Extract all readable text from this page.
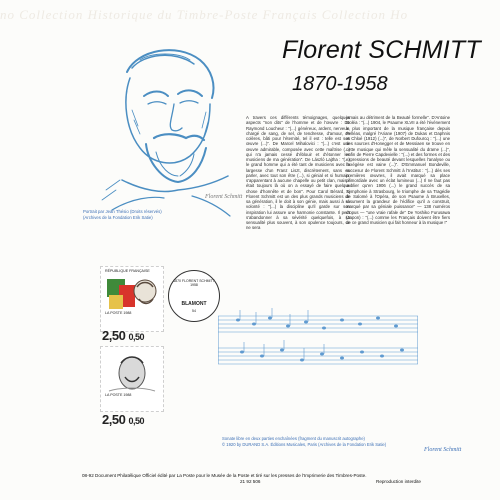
no Collection Historique du Timbre-Poste Français Collection Ho
Florent Schmitt
Portrait par Jean Thésio (Droits réservés)
(Archives de la Fondation Erik Satie)
Florent SCHMITT
1870-1958

A travers ces différents témoignages, quelques aspects "non dits" de l'homme et de l'œuvre : De Raymond Loucheur : "(...) généreux, ardent, nerveux, chargé de sang, de sel, de tendresse, d'amour, de colères, bâti pour l'éternité, tel il est : telle est son œuvre (...)". De Marcel Mihalovici : "(...) c'est une œuvre admirable, composée avec cette maîtrise (...) qui n'a jamais cessé d'éblouir et d'étonner les musiciens de ma génération". De László Lajtha : "(...) le grand homme qui a été tant de musiciens avec la largesse d'un Franz Liszt, discrètement, sans en parler, avec tout son être (...), si génial et si humain, s'apparentant à aucune chapelle ou petit clan, mais il était toujours là où on a essayé de faire quelque chose d'honnête et de bon". Pour Carol Bérard, si Florent Schmitt est un des plus grands musiciens de sa génération, il le doit à son génie, mais aussi à sa volonté : "(...) la discipline qu'il garde sur son inspiration lui assure une harmonie constante. Il peut s'abandonner à sa sévérité quelquefois, à sa sensualité plus souvent, à son opulence toujours, ce ne sera

jamais au détriment de la Beauté formelle". D'Antoine Goléa : "(...) 1904, le Psaume XLVII a été l'événement le plus important de la musique française depuis Pelléas, malgré l'Ariane (1907) de Dukas et Daphnis et Chloé (1912) (...)", de Norbert Dufourcq : "(...) une des sources d'Honegger et de Messiaen se trouve en cette musique qui mêle la sensualité du drame (...)", enfin de Pierre Capdevielle : "(...) et des formes et des expressions de beauté devant lesquelles l'analyse ou l'exégèse est vaine (...)". D'Emmanuel Bondeville, succesur de Florent Schmitt à l'Institut : "(...) dès ses premières œuvres, il avait marqué sa place primordiale avec un éclat lumineux (...) Il ne faut pas oublier qu'en 1906 (...) le grand succès de sa Symphonie à Strasbourg, le triomphe de sa Tragédie de Salomé à l'Opéra, de son Psaume à Bruxelles, résument la grandeur de l'édifice qu'il a construit, marqué par sa géniale puissance" — 138 numéros d'opus — "une vraie rafale de" De Yoshiko Furusawa (Japon) : "(...) comme les Français doivent être fiers de ce grand musicien qui fait honneur à la musique !"

RÉPUBLIQUE FRANÇAISE
LA POSTE 1988
2,50 0,50
1870 FLORENT SCHMITT 1958
BLAMONT
54
LA POSTE 1988
2,50 0,50
Sonate libre en deux parties enchaînées (fragment du manuscrit autographe)
© 1920 by DURAND S.A. Éditions Musicales, Paris (Archives de la Fondation Erik Satie)
Florent Schmitt
08-92 Document Philatélique Officiel édité par La Poste pour le Musée de la Poste et tiré sur les presses de l'Imprimerie des Timbres-Poste.
21 92 506	Reproduction interdite
